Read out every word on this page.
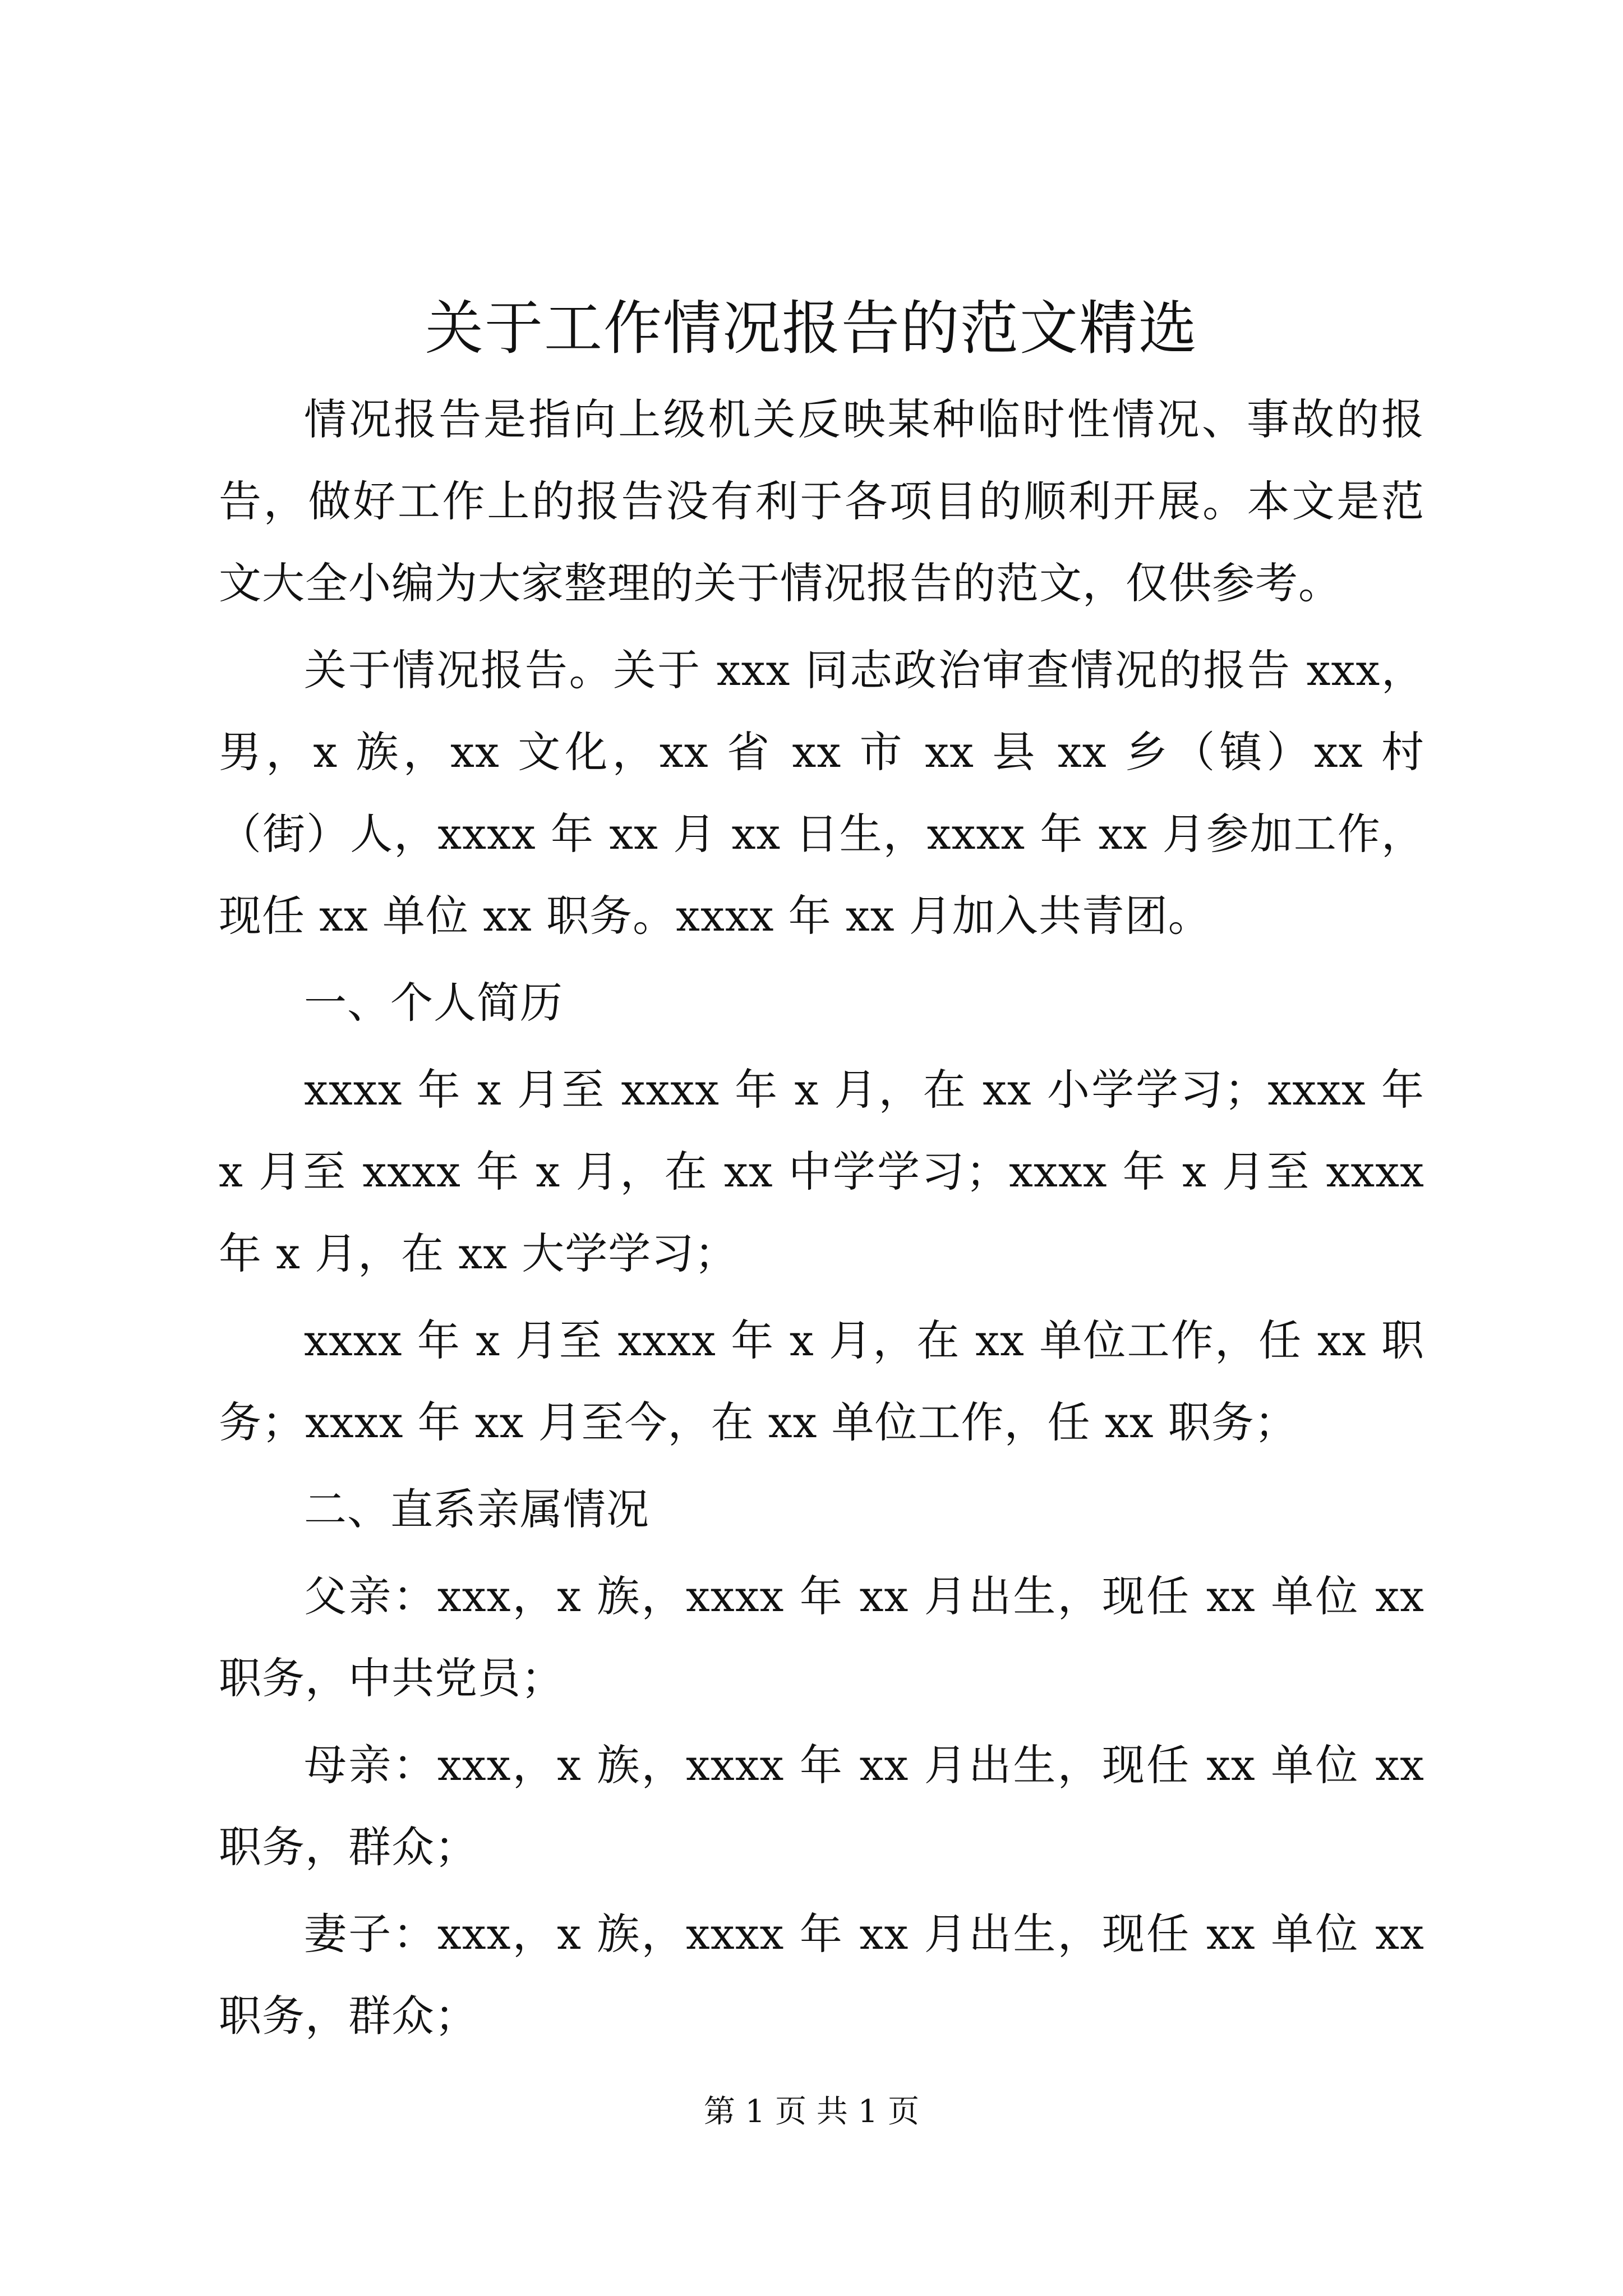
关于工作情况报告的范文精选

情况报告是指向上级机关反映某种临时性情况、事故的报告，做好工作上的报告没有利于各项目的顺利开展。本文是范文大全小编为大家整理的关于情况报告的范文，仅供参考。

关于情况报告。关于 xxx 同志政治审查情况的报告 xxx，男，x 族，xx 文化，xx 省 xx 市 xx 县 xx 乡（镇）xx 村（街）人，xxxx 年 xx 月 xx 日生，xxxx 年 xx 月参加工作，现任 xx 单位 xx 职务。xxxx 年 xx 月加入共青团。

一、个人简历

xxxx 年 x 月至 xxxx 年 x 月，在 xx 小学学习；xxxx 年 x 月至 xxxx 年 x 月，在 xx 中学学习；xxxx 年 x 月至 xxxx 年 x 月，在 xx 大学学习；

xxxx 年 x 月至 xxxx 年 x 月，在 xx 单位工作，任 xx 职务；xxxx 年 xx 月至今，在 xx 单位工作，任 xx 职务；

二、直系亲属情况

父亲：xxx，x 族，xxxx 年 xx 月出生，现任 xx 单位 xx 职务，中共党员；

母亲：xxx，x 族，xxxx 年 xx 月出生，现任 xx 单位 xx 职务，群众；

妻子：xxx，x 族，xxxx 年 xx 月出生，现任 xx 单位 xx 职务，群众；

第 1 页 共 1 页
